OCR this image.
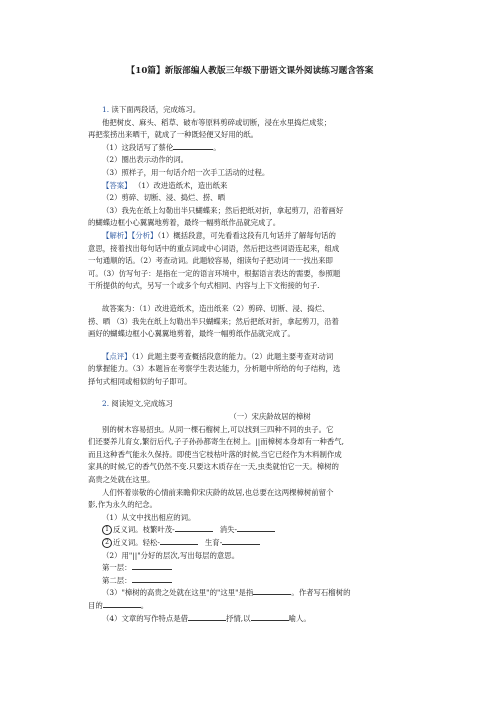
【10篇】新版部编人教版三年级下册语文课外阅读练习题含答案

1. 读下面两段话，完成练习。

他把树皮、麻头、稻草、破布等原料剪碎或切断，浸在水里捣烂成浆；

再把浆捞出来晒干，就成了一种既轻便又好用的纸。

（1）这段话写了蔡伦	。

（2）圈出表示动作的词。

（3）照样子，用一句话介绍一次手工活动的过程。

【答案】 （1）改进造纸术，造出纸来

（2）剪碎、切断、浸、捣烂、捞、晒

（3）我先在纸上勾勒出半只蝴蝶来；然后把纸对折，拿起剪刀，沿着画好

的蝴蝶边框小心翼翼地剪着，最终一幅剪纸作品就完成了。

【解析】【分析】（1）概括段意，可先看看这段有几句话并了解每句话的

意思，接着找出每句话中的重点词或中心词语，然后把这些词语连起来，组成

一句通顺的话。（2）考查动词。此题较容易，细读句子把动词一一找出来即

可。（3）仿写句子：是指在一定的语言环境中，根据语言表达的需要，参照题

干所提供的句式，另写一个或多个句式相同、内容与上下文衔接的句子.

故答案为：（1）改进造纸术，造出纸来（2）剪碎、切断、浸、捣烂、

捞、晒 （3）我先在纸上勾勒出半只蝴蝶来；然后把纸对折，拿起剪刀，沿着

画好的蝴蝶边框小心翼翼地剪着，最终一幅剪纸作品就完成了。

【点评】（1）此题主要考查概括段意的能力。（2）此题主要考查对动词

的掌握能力。（3）本题旨在考察学生表达能力，分析题中所给的句子结构，选

择句式相同或相似的句子即可。

2. 阅读短文,完成练习

（一）宋庆龄故居的樟树

别的树木容易招虫。从同一棵石榴树上,可以找到三四种不同的虫子。它

们还要养儿育女,繁衍后代,子子孙孙都寄生在树上。||而樟树本身却有一种香气,

而且这种香气能永久保持。即使当它枝枯叶落的时候,当它已经作为木料制作成

家具的时候,它的香气仍然不变.只要这木质存在一天,虫类就怕它一天。樟树的

高贵之处就在这里。

人们怀着崇敬的心情前来瞻仰宋庆龄的故居,也总要在这两棵樟树前留个

影,作为永久的纪念。

（1）从文中找出相应的词。

1 反义词。枝繁叶茂-	消失-

2 近义词。轻松-	生育-

（2）用"||"分好的层次,写出每层的意思。

第一层：

第二层：

（3）"樟树的高贵之处就在这里"的"这里"是指	。作者写石榴树的

目的	。

（4）文章的写作特点是借	抒情,以	喻人。
